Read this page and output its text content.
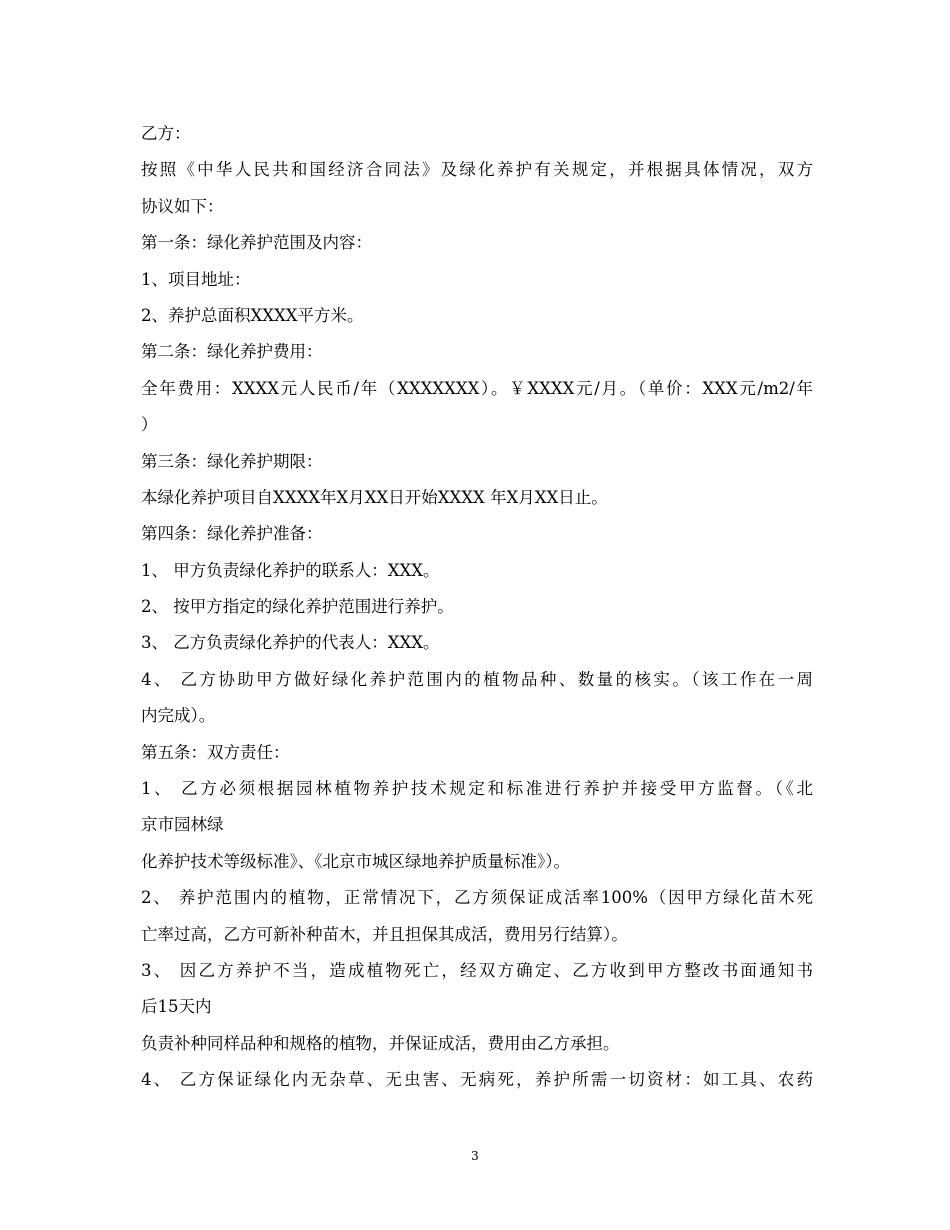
乙方：
按照《中华人民共和国经济合同法》及绿化养护有关规定，并根据具体情况，双方
协议如下：
第一条：绿化养护范围及内容：
1、项目地址：
2、养护总面积XXXX平方米。
第二条：绿化养护费用：
全年费用：XXXX元人民币/年（XXXXXXX）。￥XXXX元/月。（单价：XXX元/m2/年
）
第三条：绿化养护期限：
本绿化养护项目自XXXX年X月XX日开始XXXX 年X月XX日止。
第四条：绿化养护准备：
1、 甲方负责绿化养护的联系人：XXX。
2、 按甲方指定的绿化养护范围进行养护。
3、 乙方负责绿化养护的代表人：XXX。
4、 乙方协助甲方做好绿化养护范围内的植物品种、数量的核实。（该工作在一周
内完成）。
第五条：双方责任：
1、 乙方必须根据园林植物养护技术规定和标准进行养护并接受甲方监督。（《北
京市园林绿
化养护技术等级标准》、《北京市城区绿地养护质量标准》）。
2、 养护范围内的植物，正常情况下，乙方须保证成活率100%（因甲方绿化苗木死
亡率过高，乙方可新补种苗木，并且担保其成活，费用另行结算）。
3、 因乙方养护不当，造成植物死亡，经双方确定、乙方收到甲方整改书面通知书
后15天内
负责补种同样品种和规格的植物，并保证成活，费用由乙方承担。
4、 乙方保证绿化内无杂草、无虫害、无病死，养护所需一切资材：如工具、农药
3
